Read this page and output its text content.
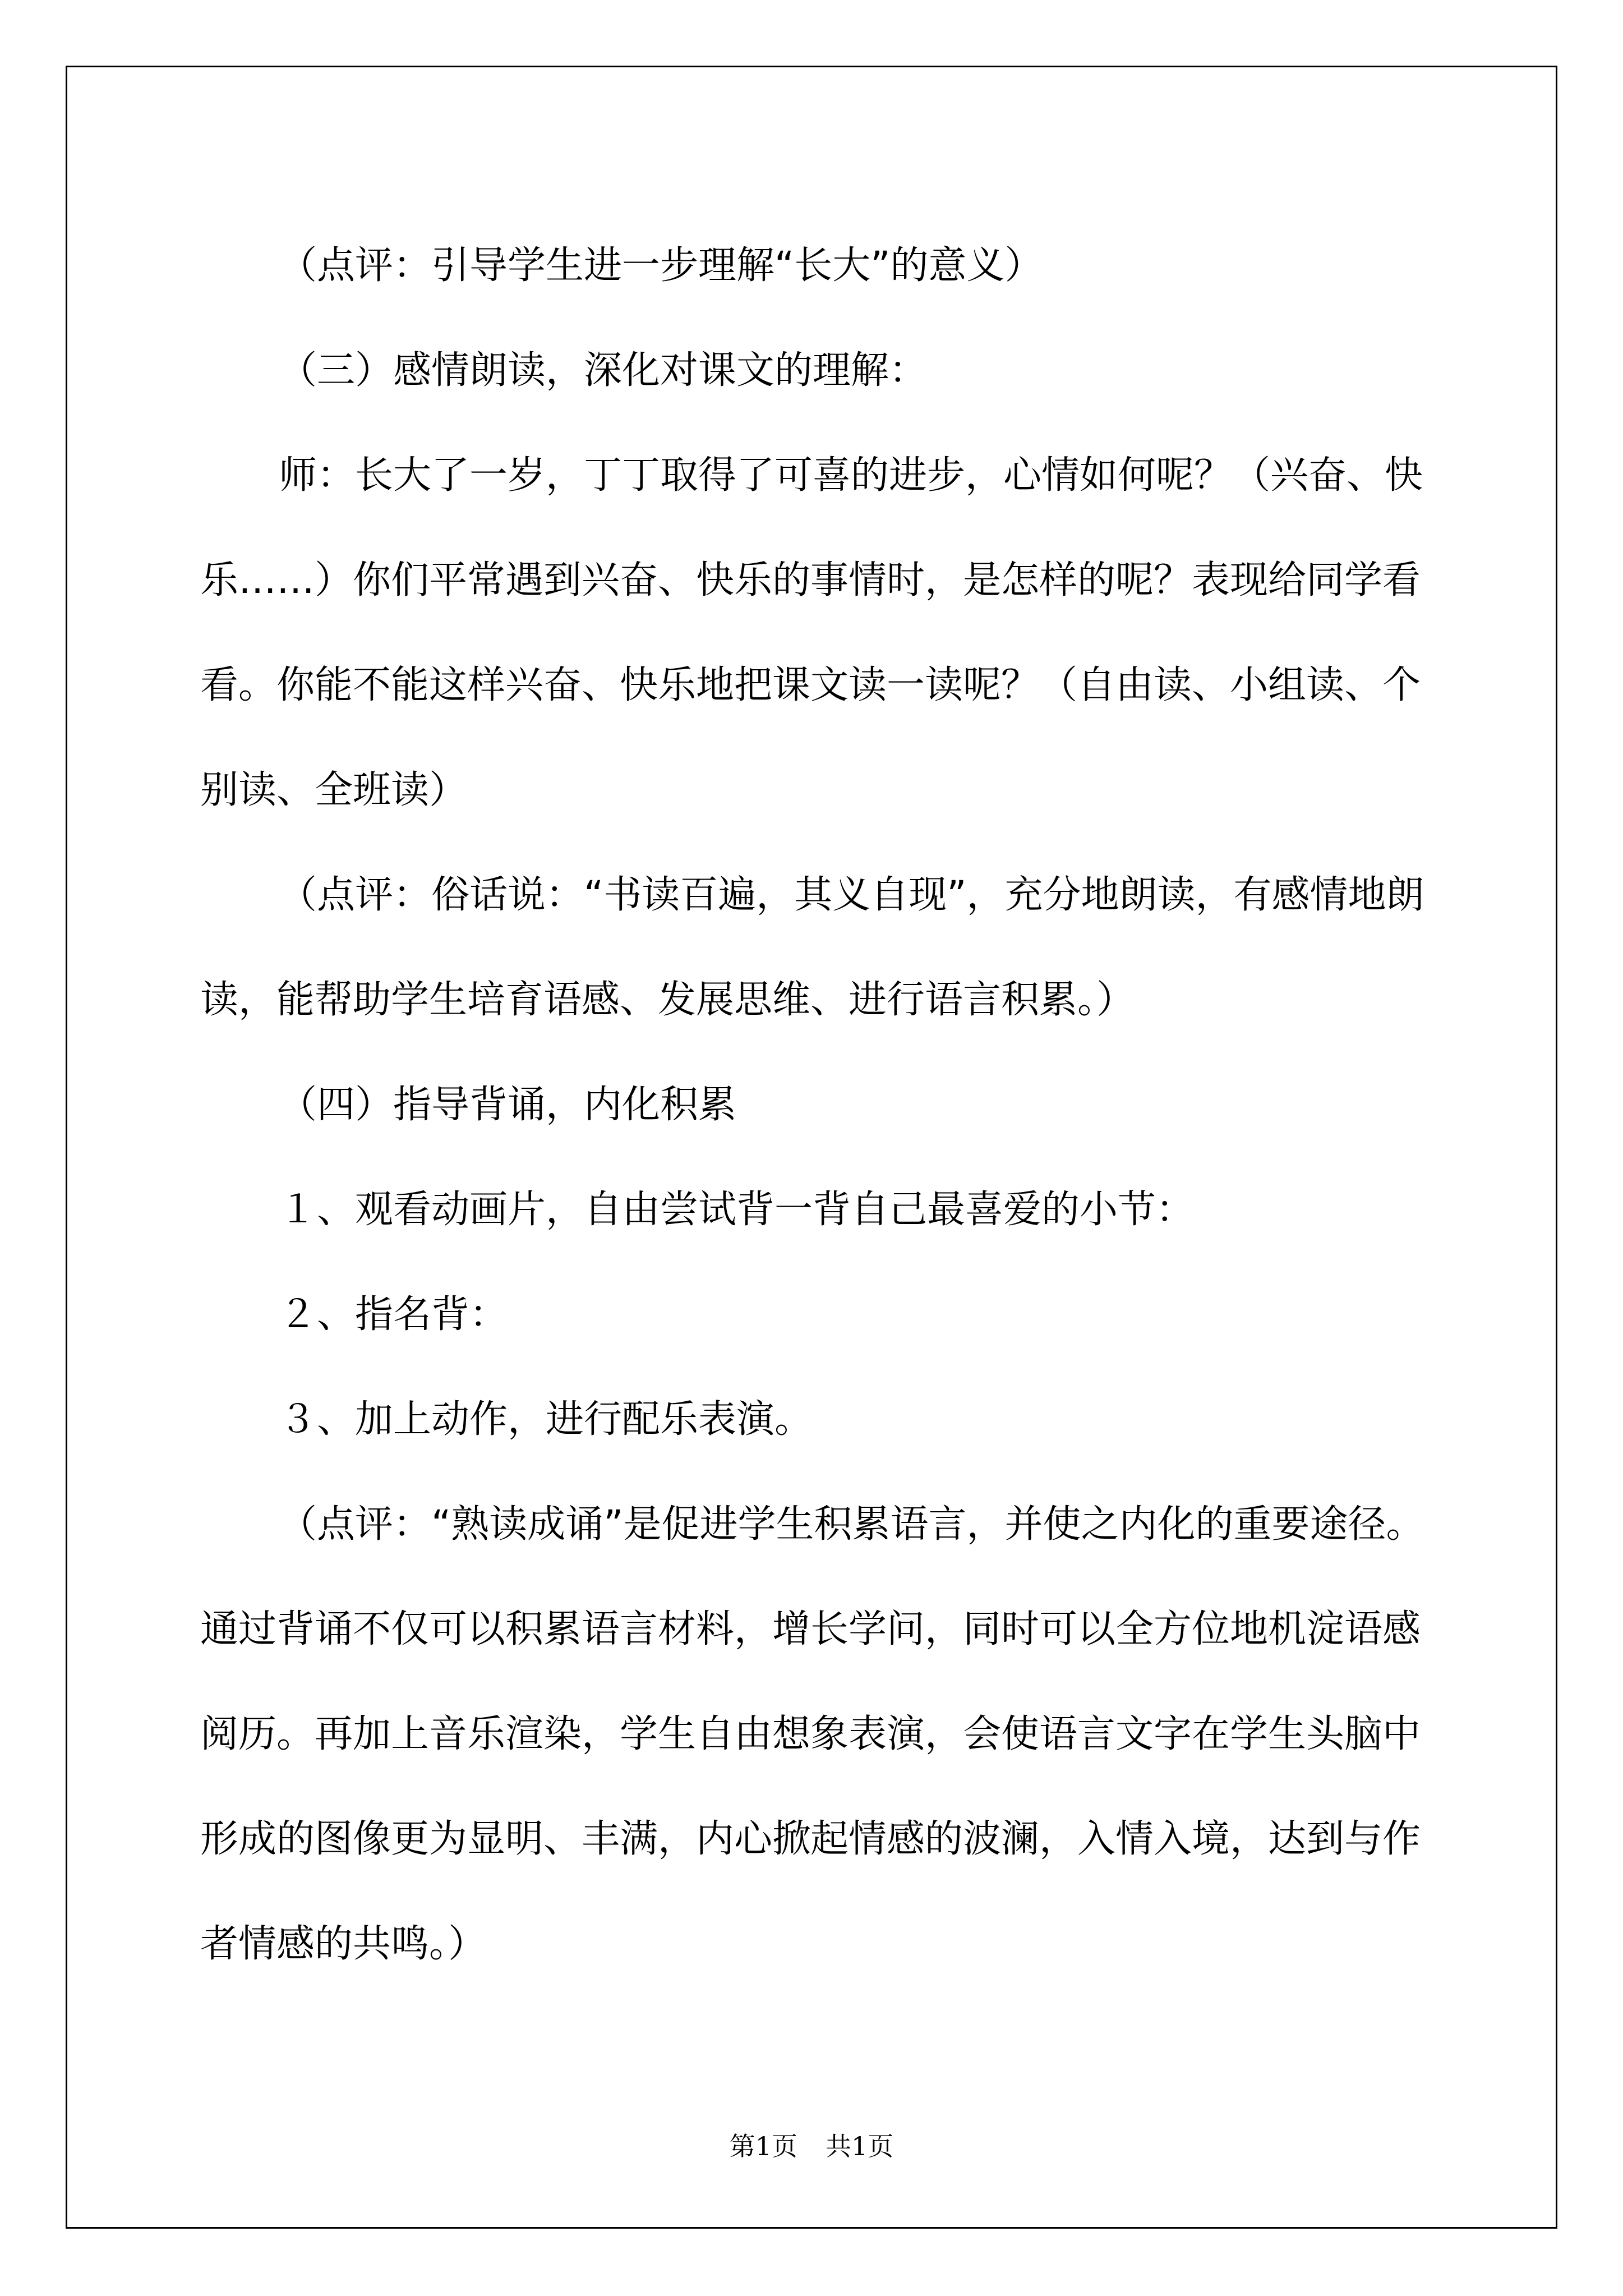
（点评：引导学生进一步理解“长大”的意义）

（三）感情朗读，深化对课文的理解：

师：长大了一岁，丁丁取得了可喜的进步，心情如何呢？（兴奋、快乐……）你们平常遇到兴奋、快乐的事情时，是怎样的呢？表现给同学看看。你能不能这样兴奋、快乐地把课文读一读呢？（自由读、小组读、个别读、全班读）

（点评：俗话说：“书读百遍，其义自现”，充分地朗读，有感情地朗读，能帮助学生培育语感、发展思维、进行语言积累。）

（四）指导背诵，内化积累

１、观看动画片，自由尝试背一背自己最喜爱的小节：

２、指名背：

３、加上动作，进行配乐表演。

（点评：“熟读成诵”是促进学生积累语言，并使之内化的重要途径。通过背诵不仅可以积累语言材料，增长学问，同时可以全方位地机淀语感阅历。再加上音乐渲染，学生自由想象表演，会使语言文字在学生头脑中形成的图像更为显明、丰满，内心掀起情感的波澜，入情入境，达到与作者情感的共鸣。）

第1页 共1页
